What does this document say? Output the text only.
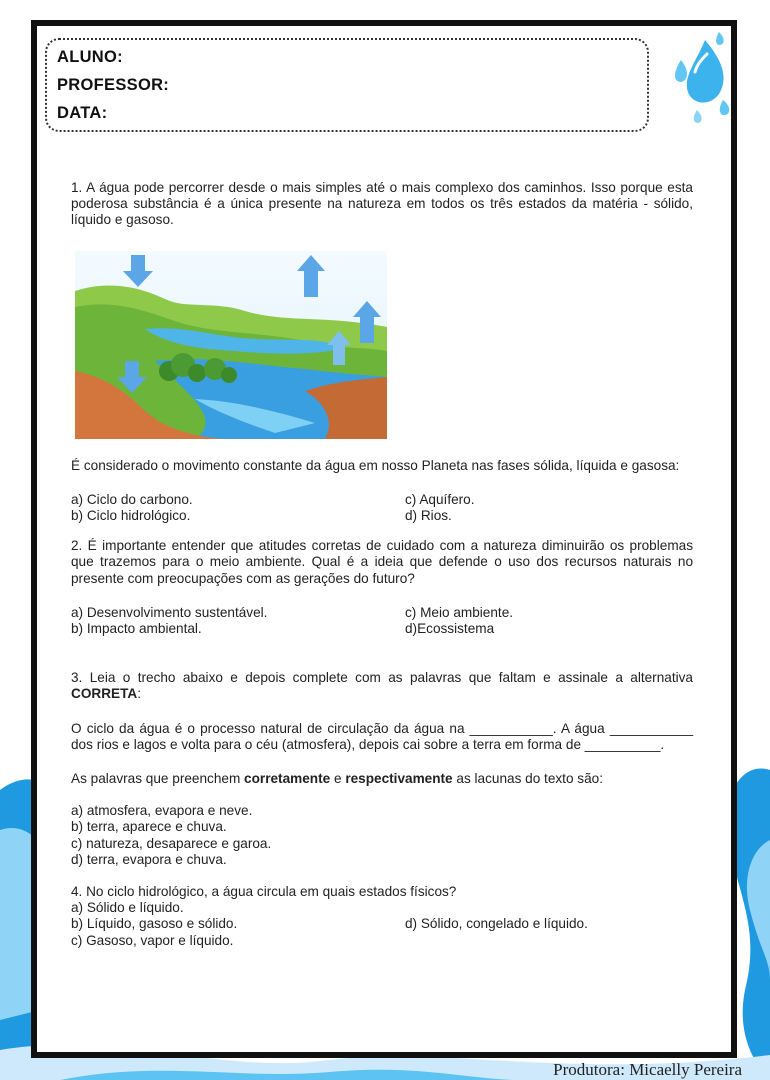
ALUNO:
PROFESSOR:
DATA:

1. A água pode percorrer desde o mais simples até o mais complexo dos caminhos. Isso porque esta poderosa substância é a única presente na natureza em todos os três estados da matéria - sólido, líquido e gasoso.

É considerado o movimento constante da água em nosso Planeta nas fases sólida, líquida e gasosa:

a) Ciclo do carbono.	c) Aquífero.
b) Ciclo hidrológico.	d) Rios.

2. É importante entender que atitudes corretas de cuidado com a natureza diminuirão os problemas que trazemos para o meio ambiente. Qual é a ideia que defende o uso dos recursos naturais no presente com preocupações com as gerações do futuro?

a) Desenvolvimento sustentável.	c) Meio ambiente.
b) Impacto ambiental.	d)Ecossistema

3. Leia o trecho abaixo e depois complete com as palavras que faltam e assinale a alternativa CORRETA:

O ciclo da água é o processo natural de circulação da água na ___________. A água ___________ dos rios e lagos e volta para o céu (atmosfera), depois cai sobre a terra em forma de __________.

As palavras que preenchem corretamente e respectivamente as lacunas do texto são:

a) atmosfera, evapora e neve.
b) terra, aparece e chuva.
c) natureza, desaparece e garoa.
d) terra, evapora e chuva.
4. No ciclo hidrológico, a água circula em quais estados físicos?
a) Sólido e líquido.
b) Líquido, gasoso e sólido.	d) Sólido, congelado e líquido.
c) Gasoso, vapor e líquido.
Produtora: Micaelly Pereira
